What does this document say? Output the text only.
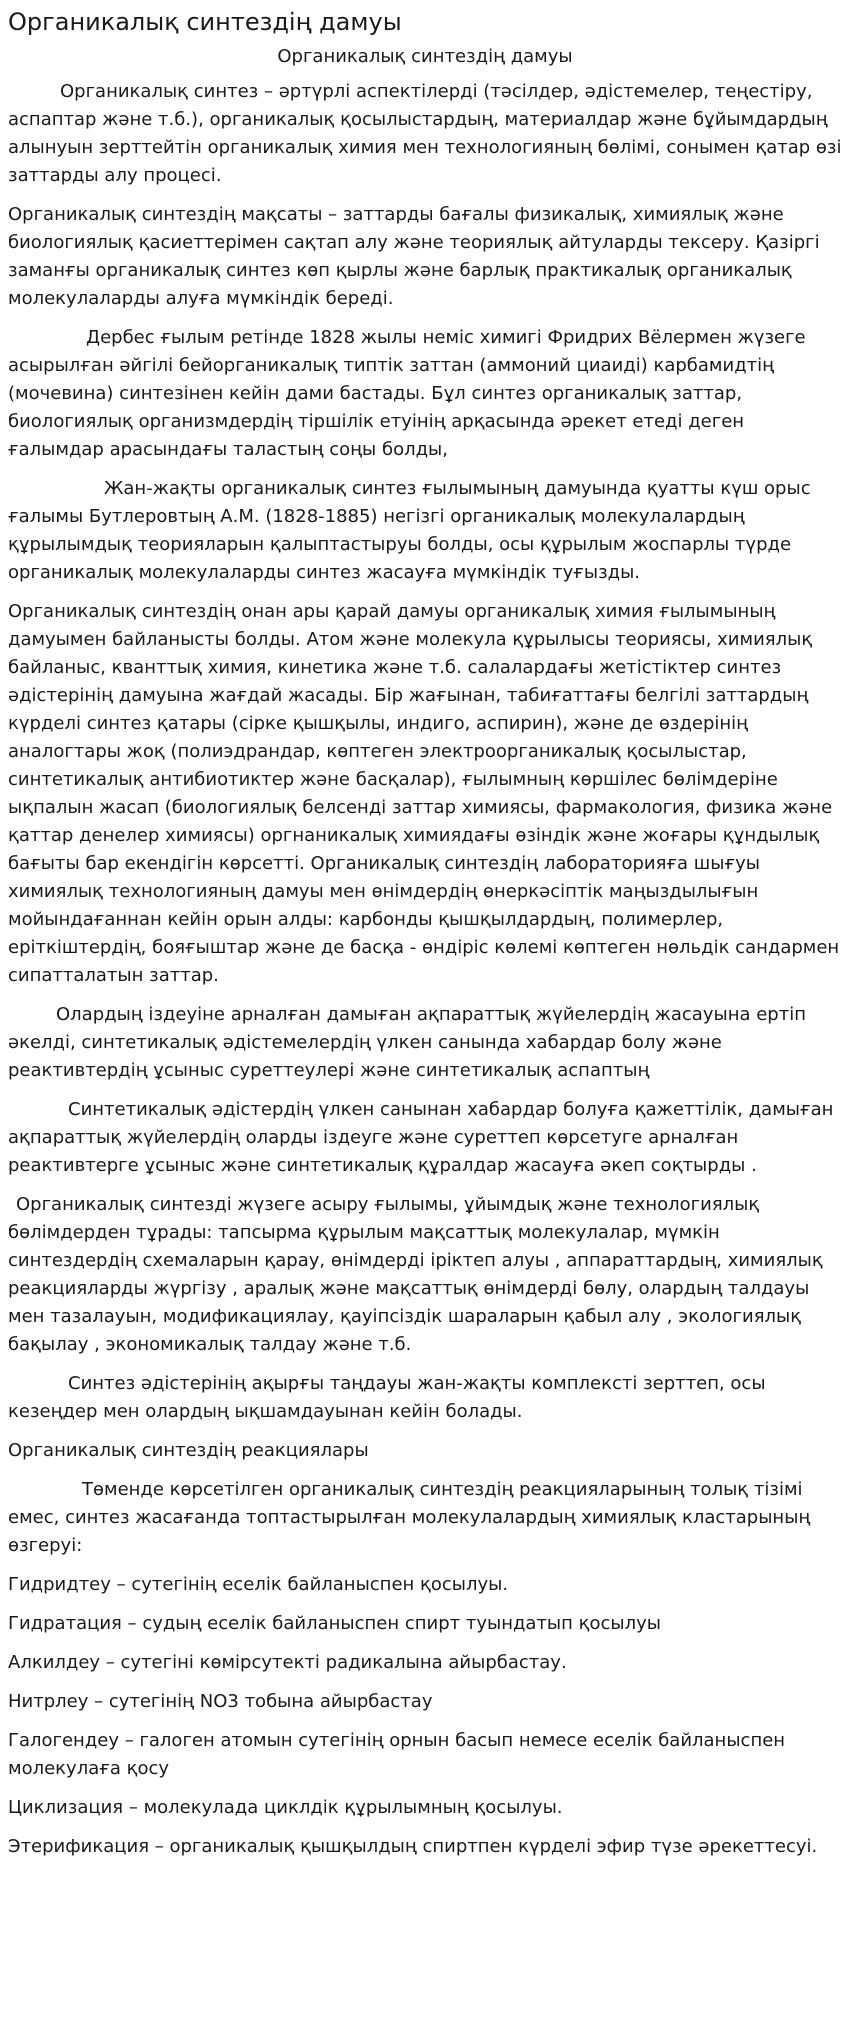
Органикалық синтездің дамуы
Органикалық синтездің дамуы

Органикалық синтез – әртүрлі аспектілерді (тәсілдер, әдістемелер, теңестіру, аспаптар және т.б.), органикалық қосылыстардың, материалдар және бұйымдардың алынуын зерттейтін органикалық химия мен технологияның бөлімі, сонымен қатар өзі заттарды алу процесі.

Органикалық синтездің мақсаты – заттарды бағалы физикалық, химиялық және биологиялық қасиеттерімен сақтап алу және теориялық айтуларды тексеру. Қазіргі заманғы органикалық синтез көп қырлы және барлық практикалық органикалық молекулаларды алуға мүмкіндік береді.

Дербес ғылым ретінде 1828 жылы неміс химигі Фридрих Вёлермен жүзеге асырылған әйгілі бейорганикалық типтік заттан (аммоний циаиді) карбамидтің (мочевина) синтезінен кейін дами бастады. Бұл синтез органикалық заттар, биологиялық организмдердің тіршілік етуінің арқасында әрекет етеді деген ғалымдар арасындағы таластың соңы болды,

Жан-жақты органикалық синтез ғылымының дамуында қуатты күш орыс ғалымы Бутлеровтың А.М. (1828-1885) негізгі органикалық молекулалардың құрылымдық теорияларын қалыптастыруы болды, осы құрылым жоспарлы түрде органикалық молекулаларды синтез жасауға мүмкіндік туғызды.

Органикалық синтездің онан ары қарай дамуы органикалық химия ғылымының дамуымен байланысты болды. Атом және молекула құрылысы теориясы, химиялық байланыс, кванттық химия, кинетика және т.б. салалардағы жетістіктер синтез әдістерінің дамуына жағдай жасады. Бір жағынан, табиғаттағы белгілі заттардың күрделі синтез қатары (сірке қышқылы, индиго, аспирин), және де өздерінің аналогтары жоқ (полиэдрандар, көптеген электроорганикалық қосылыстар, синтетикалық антибиотиктер және басқалар), ғылымның көршілес бөлімдеріне ықпалын жасап (биологиялық белсенді заттар химиясы, фармакология, физика және қаттар денелер химиясы) оргнаникалық химиядағы өзіндік және жоғары құндылық бағыты бар екендігін көрсетті. Органикалық синтездің лабораторияға шығуы химиялық технологияның дамуы мен өнімдердің өнеркәсіптік маңыздылығын мойындағаннан кейін орын алды: карбонды қышқылдардың, полимерлер, еріткіштердің, бояғыштар және де басқа - өндіріс көлемі көптеген нөльдік сандармен сипатталатын заттар.

Олардың іздеуіне арналған дамыған ақпараттық жүйелердің жасауына ертіп әкелді, синтетикалық әдістемелердің үлкен санында хабардар болу және реактивтердің ұсыныс суреттеулері және синтетикалық аспаптың

Синтетикалық әдістердің үлкен санынан хабардар болуға қажеттілік, дамыған ақпараттық жүйелердің оларды іздеуге және суреттеп көрсетуге арналған реактивтерге ұсыныс және синтетикалық құралдар жасауға әкеп соқтырды .

Органикалық синтезді жүзеге асыру ғылымы, ұйымдық және технологиялық бөлімдерден тұрады: тапсырма құрылым мақсаттық молекулалар, мүмкін синтездердің схемаларын қарау, өнімдерді іріктеп алуы , аппараттардың, химиялық реакцияларды жүргізу , аралық және мақсаттық өнімдерді бөлу, олардың талдауы мен тазалауын, модификациялау, қауіпсіздік шараларын қабыл алу , экологиялық бақылау , экономикалық талдау және т.б.

Синтез әдістерінің ақырғы таңдауы жан-жақты комплексті зерттеп, осы кезеңдер мен олардың ықшамдауынан кейін болады.

Органикалық синтездің реакциялары

Төменде көрсетілген органикалық синтездің реакцияларының толық тізімі емес, синтез жасағанда топтастырылған молекулалардың химиялық кластарының өзгеруі:

Гидридтеу – сутегінің еселік байланыспен қосылуы.

Гидратация – судың еселік байланыспен спирт туындатып қосылуы

Алкилдеу – сутегіні көмірсутекті радикалына айырбастау.

Нитрлеу – сутегінің NO3 тобына айырбастау

Галогендеу – галоген атомын сутегінің орнын басып немесе еселік байланыспен молекулаға қосу

Циклизация – молекулада циклдік құрылымның қосылуы.

Этерификация – органикалық қышқылдың спиртпен күрделі эфир түзе әрекеттесуі.
